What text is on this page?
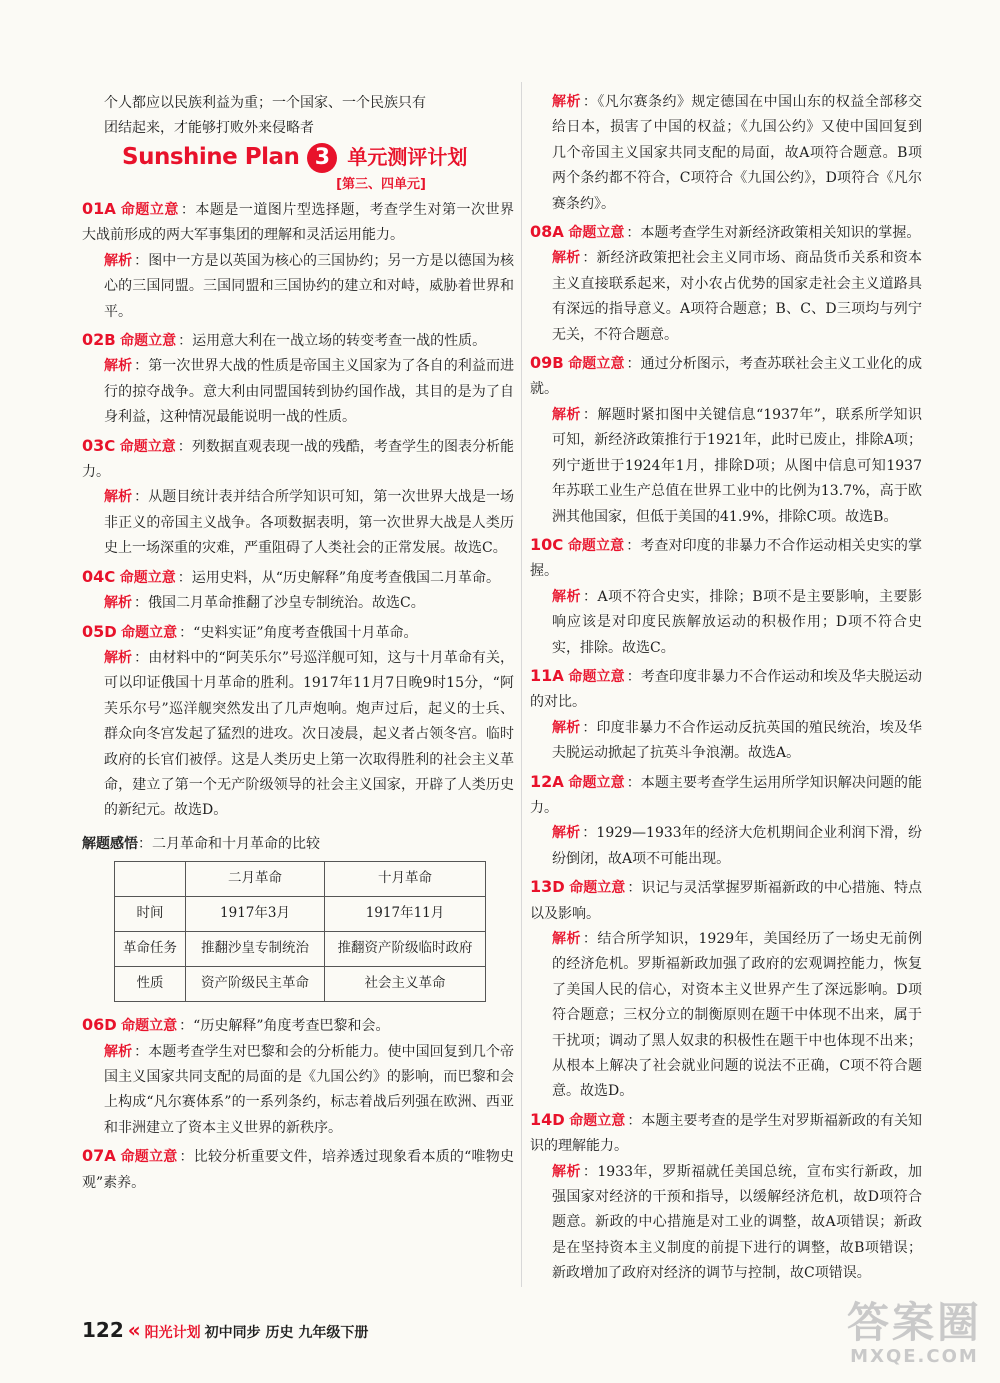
个人都应以民族利益为重；一个国家、一个民族只有

团结起来，才能够打败外来侵略者

Sunshine Plan 3 单元测评计划
[第三、四单元]

01A 命题立意 ：本题是一道图片型选择题，考查学生对第一次世界大战前形成的两大军事集团的理解和灵活运用能力。

解析 ：图中一方是以英国为核心的三国协约；另一方是以德国为核心的三国同盟。三国同盟和三国协约的建立和对峙，威胁着世界和平。

02B 命题立意 ：运用意大利在一战立场的转变考查一战的性质。

解析 ：第一次世界大战的性质是帝国主义国家为了各自的利益而进行的掠夺战争。意大利由同盟国转到协约国作战，其目的是为了自身利益，这种情况最能说明一战的性质。

03C 命题立意 ：列数据直观表现一战的残酷，考查学生的图表分析能力。

解析 ：从题目统计表并结合所学知识可知，第一次世界大战是一场非正义的帝国主义战争。各项数据表明，第一次世界大战是人类历史上一场深重的灾难，严重阻碍了人类社会的正常发展。故选C。

04C 命题立意 ：运用史料，从“历史解释”角度考查俄国二月革命。

解析 ：俄国二月革命推翻了沙皇专制统治。故选C。

05D 命题立意 ：“史料实证”角度考查俄国十月革命。

解析 ：由材料中的“阿芙乐尔”号巡洋舰可知，这与十月革命有关，可以印证俄国十月革命的胜利。1917年11月7日晚9时15分，“阿芙乐尔号”巡洋舰突然发出了几声炮响。炮声过后，起义的士兵、群众向冬宫发起了猛烈的进攻。次日凌晨，起义者占领冬宫。临时政府的长官们被俘。这是人类历史上第一次取得胜利的社会主义革命，建立了第一个无产阶级领导的社会主义国家，开辟了人类历史的新纪元。故选D。

解题感悟：二月革命和十月革命的比较
	二月革命	十月革命
时间	1917年3月	1917年11月
革命任务	推翻沙皇专制统治	推翻资产阶级临时政府
性质	资产阶级民主革命	社会主义革命

06D 命题立意 ：“历史解释”角度考查巴黎和会。

解析 ：本题考查学生对巴黎和会的分析能力。使中国回复到几个帝国主义国家共同支配的局面的是《九国公约》的影响，而巴黎和会上构成“凡尔赛体系”的一系列条约，标志着战后列强在欧洲、西亚和非洲建立了资本主义世界的新秩序。

07A 命题立意 ：比较分析重要文件，培养透过现象看本质的“唯物史观”素养。

解析 ：《凡尔赛条约》规定德国在中国山东的权益全部移交给日本，损害了中国的权益；《九国公约》又使中国回复到几个帝国主义国家共同支配的局面，故A项符合题意。B项两个条约都不符合，C项符合《九国公约》，D项符合《凡尔赛条约》。

08A 命题立意 ：本题考查学生对新经济政策相关知识的掌握。

解析 ：新经济政策把社会主义同市场、商品货币关系和资本主义直接联系起来，对小农占优势的国家走社会主义道路具有深远的指导意义。A项符合题意；B、C、D三项均与列宁无关，不符合题意。

09B 命题立意 ：通过分析图示，考查苏联社会主义工业化的成就。

解析 ：解题时紧扣图中关键信息“1937年”，联系所学知识可知，新经济政策推行于1921年，此时已废止，排除A项；列宁逝世于1924年1月，排除D项；从图中信息可知1937年苏联工业生产总值在世界工业中的比例为13.7%，高于欧洲其他国家，但低于美国的41.9%，排除C项。故选B。

10C 命题立意 ：考查对印度的非暴力不合作运动相关史实的掌握。

解析 ：A项不符合史实，排除；B项不是主要影响，主要影响应该是对印度民族解放运动的积极作用；D项不符合史实，排除。故选C。

11A 命题立意 ：考查印度非暴力不合作运动和埃及华夫脱运动的对比。

解析 ：印度非暴力不合作运动反抗英国的殖民统治，埃及华夫脱运动掀起了抗英斗争浪潮。故选A。

12A 命题立意 ：本题主要考查学生运用所学知识解决问题的能力。

解析 ：1929—1933年的经济大危机期间企业利润下滑，纷纷倒闭，故A项不可能出现。

13D 命题立意 ：识记与灵活掌握罗斯福新政的中心措施、特点以及影响。

解析 ：结合所学知识，1929年，美国经历了一场史无前例的经济危机。罗斯福新政加强了政府的宏观调控能力，恢复了美国人民的信心，对资本主义世界产生了深远影响。D项符合题意；三权分立的制衡原则在题干中体现不出来，属于干扰项；调动了黑人奴隶的积极性在题干中也体现不出来；从根本上解决了社会就业问题的说法不正确，C项不符合题意。故选D。

14D 命题立意 ：本题主要考查的是学生对罗斯福新政的有关知识的理解能力。

解析 ：1933年，罗斯福就任美国总统，宣布实行新政，加强国家对经济的干预和指导，以缓解经济危机，故D项符合题意。新政的中心措施是对工业的调整，故A项错误；新政是在坚持资本主义制度的前提下进行的调整，故B项错误；新政增加了政府对经济的调节与控制，故C项错误。

122 « 阳光计划 初中同步 历史 九年级下册	答案圈
MXQE.COM
